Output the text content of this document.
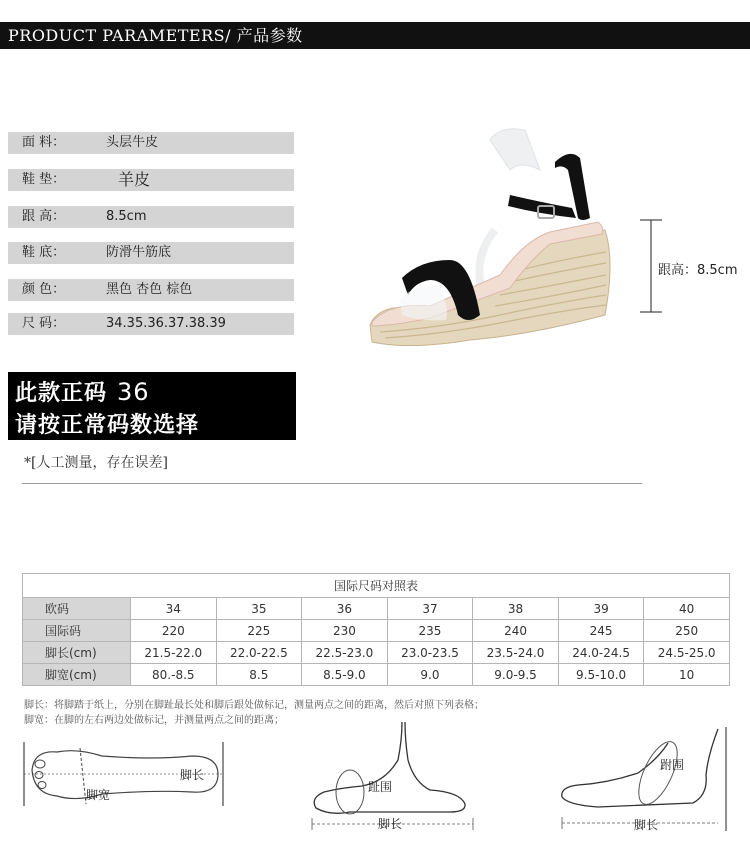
PRODUCT PARAMETERS/ 产品参数
面 料：	头层牛皮
鞋 垫：	羊皮
跟 高：	8.5cm
鞋 底：	防滑牛筋底
颜 色：	黑色 杏色 棕色
尺 码：	34.35.36.37.38.39
此款正码 36
请按正常码数选择
*[人工测量，存在误差]
跟高：8.5cm
国际尺码对照表							
欧码	34	35	36	37	38	39	40
国际码	220	225	230	235	240	245	250
脚长(cm)	21.5-22.0	22.0-22.5	22.5-23.0	23.0-23.5	23.5-24.0	24.0-24.5	24.5-25.0
脚宽(cm)	80.-8.5	8.5	8.5-9.0	9.0	9.0-9.5	9.5-10.0	10
脚长：将脚踏于纸上，分别在脚趾最长处和脚后跟处做标记，测量两点之间的距离，然后对照下列表格；
脚宽：在脚的左右两边处做标记，并测量两点之间的距离；
脚长
脚宽
趾围
脚长
跗围
脚长
